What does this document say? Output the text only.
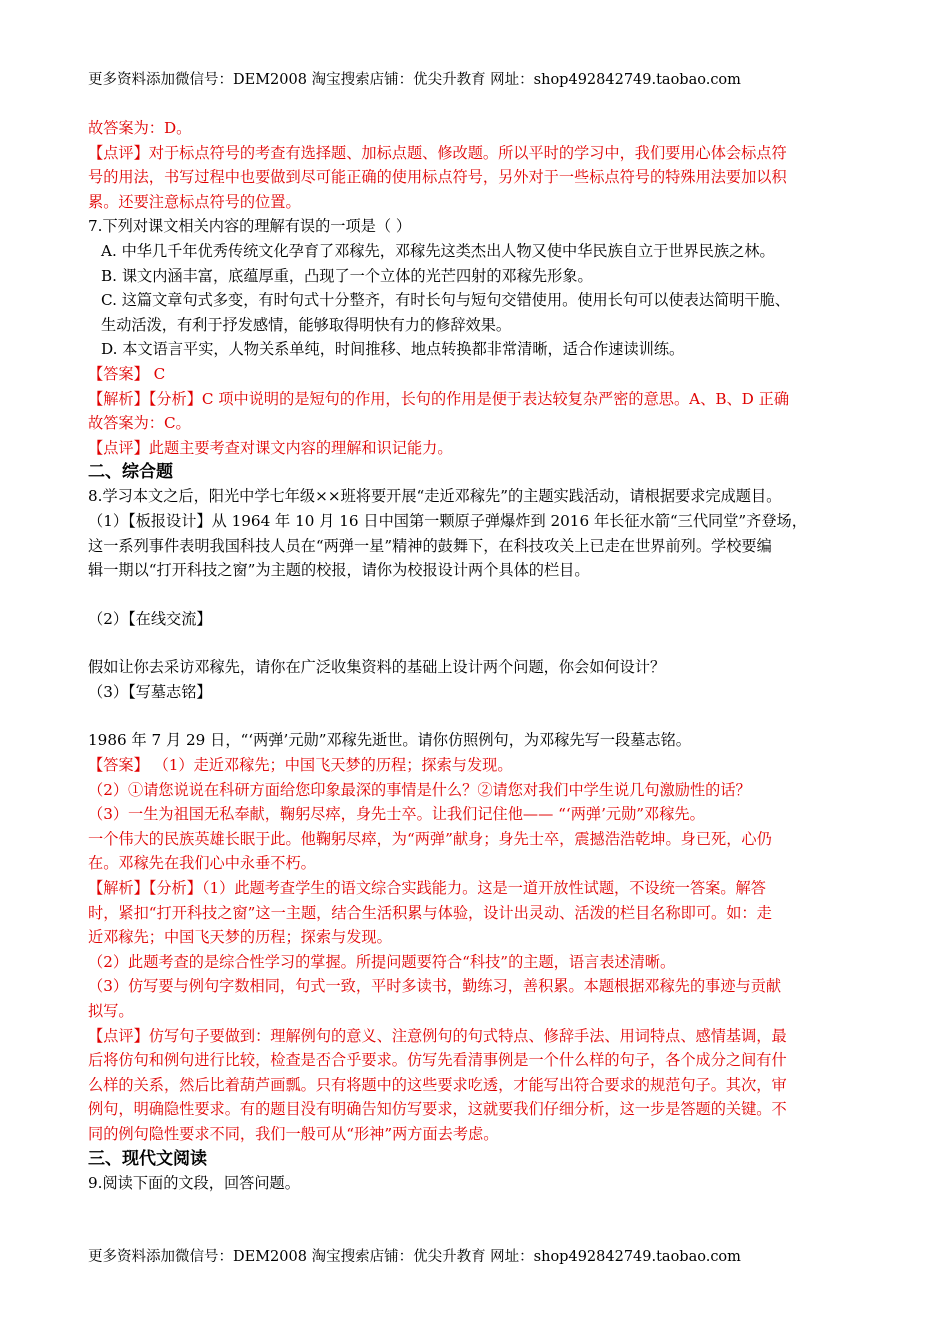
更多资料添加微信号：DEM2008 淘宝搜索店铺：优尖升教育 网址：shop492842749.taobao.com
故答案为：D。
【点评】对于标点符号的考查有选择题、加标点题、修改题。所以平时的学习中，我们要用心体会标点符
号的用法，书写过程中也要做到尽可能正确的使用标点符号，另外对于一些标点符号的特殊用法要加以积
累。还要注意标点符号的位置。
7.下列对课文相关内容的理解有误的一项是（ ）
A. 中华几千年优秀传统文化孕育了邓稼先，邓稼先这类杰出人物又使中华民族自立于世界民族之林。
B. 课文内涵丰富，底蕴厚重，凸现了一个立体的光芒四射的邓稼先形象。
C. 这篇文章句式多变，有时句式十分整齐，有时长句与短句交错使用。使用长句可以使表达简明干脆、
生动活泼，有利于抒发感情，能够取得明快有力的修辞效果。
D. 本文语言平实，人物关系单纯，时间推移、地点转换都非常清晰，适合作速读训练。
【答案】 C
【解析】【分析】C 项中说明的是短句的作用，长句的作用是便于表达较复杂严密的意思。A、B、D 正确
故答案为：C。
【点评】此题主要考查对课文内容的理解和识记能力。
二、综合题
8.学习本文之后，阳光中学七年级××班将要开展“走近邓稼先”的主题实践活动，请根据要求完成题目。
（1）【板报设计】从 1964 年 10 月 16 日中国第一颗原子弹爆炸到 2016 年长征水箭“三代同堂”齐登场，
这一系列事件表明我国科技人员在“两弹一星”精神的鼓舞下，在科技攻关上已走在世界前列。学校要编
辑一期以“打开科技之窗”为主题的校报，请你为校报设计两个具体的栏目。
（2）【在线交流】
假如让你去采访邓稼先，请你在广泛收集资料的基础上设计两个问题，你会如何设计？
（3）【写墓志铭】
1986 年 7 月 29 日，“‘两弹’元勋”邓稼先逝世。请你仿照例句，为邓稼先写一段墓志铭。
【答案】 （1）走近邓稼先；中国飞天梦的历程；探索与发现。
（2）①请您说说在科研方面给您印象最深的事情是什么？②请您对我们中学生说几句激励性的话？
（3）一生为祖国无私奉献，鞠躬尽瘁，身先士卒。让我们记住他—— “‘两弹’元勋”邓稼先。
一个伟大的民族英雄长眠于此。他鞠躬尽瘁，为“两弹”献身；身先士卒，震撼浩浩乾坤。身已死，心仍
在。邓稼先在我们心中永垂不朽。
【解析】【分析】（1）此题考查学生的语文综合实践能力。这是一道开放性试题，不设统一答案。解答
时，紧扣“打开科技之窗”这一主题，结合生活积累与体验，设计出灵动、活泼的栏目名称即可。如：走
近邓稼先；中国飞天梦的历程；探索与发现。
（2）此题考查的是综合性学习的掌握。所提问题要符合“科技”的主题，语言表述清晰。
（3）仿写要与例句字数相同，句式一致，平时多读书，勤练习，善积累。本题根据邓稼先的事迹与贡献
拟写。
【点评】仿写句子要做到：理解例句的意义、注意例句的句式特点、修辞手法、用词特点、感情基调，最
后将仿句和例句进行比较，检查是否合乎要求。仿写先看清事例是一个什么样的句子，各个成分之间有什
么样的关系，然后比着葫芦画瓢。只有将题中的这些要求吃透，才能写出符合要求的规范句子。其次，审
例句，明确隐性要求。有的题目没有明确告知仿写要求，这就要我们仔细分析，这一步是答题的关键。不
同的例句隐性要求不同，我们一般可从“形神”两方面去考虑。
三、现代文阅读
9.阅读下面的文段，回答问题。
更多资料添加微信号：DEM2008 淘宝搜索店铺：优尖升教育 网址：shop492842749.taobao.com
